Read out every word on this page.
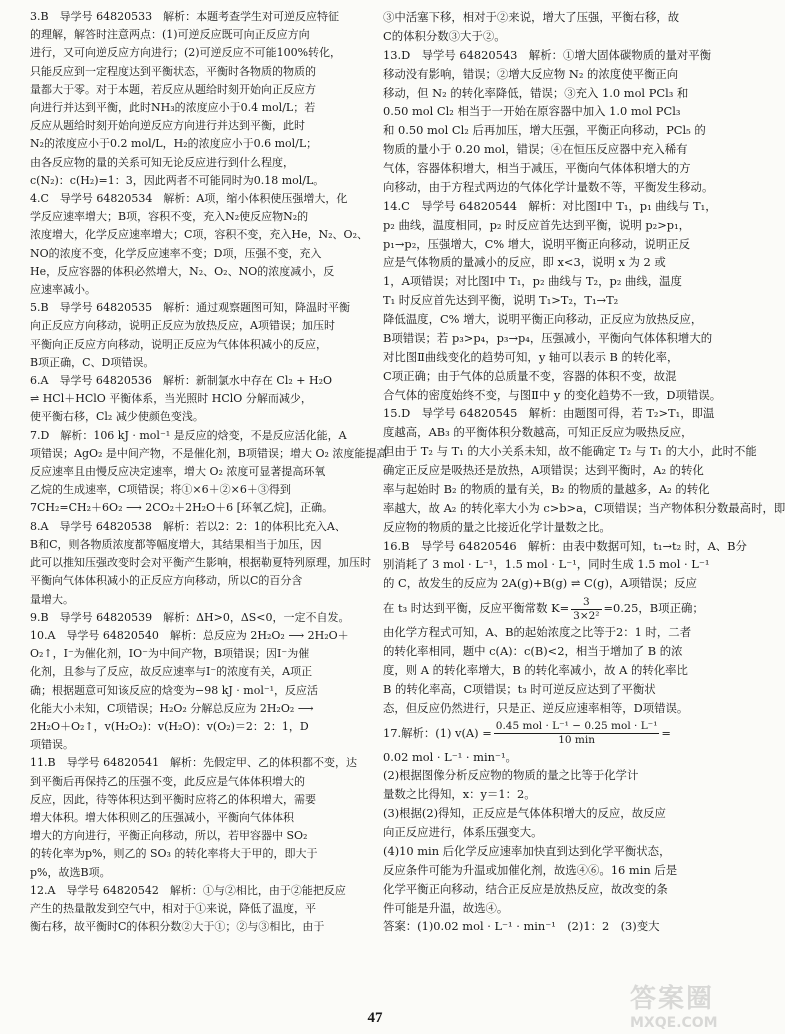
3.B　导学号 64820533　解析：本题考查学生对可逆反应特征

的理解，解答时注意两点：(1)可逆反应既可向正反应方向

进行，又可向逆反应方向进行；(2)可逆反应不可能100%转化，

只能反应到一定程度达到平衡状态，平衡时各物质的物质的

量都大于零。对于本题，若反应从题给时刻开始向正反应方

向进行并达到平衡，此时NH₃的浓度应小于0.4 mol/L；若

反应从题给时刻开始向逆反应方向进行并达到平衡，此时

N₂的浓度应小于0.2 mol/L，H₂的浓度应小于0.6 mol/L；

由各反应物的量的关系可知无论反应进行到什么程度，

c(N₂)：c(H₂)=1：3，因此两者不可能同时为0.18 mol/L。

4.C　导学号 64820534　解析：A项，缩小体积使压强增大，化

学反应速率增大；B项，容积不变，充入N₂使反应物N₂的

浓度增大，化学反应速率增大；C项，容积不变，充入He，N₂、O₂、

NO的浓度不变，化学反应速率不变；D项，压强不变，充入

He，反应容器的体积必然增大，N₂、O₂、NO的浓度减小，反

应速率减小。

5.B　导学号 64820535　解析：通过观察题图可知，降温时平衡

向正反应方向移动，说明正反应为放热反应，A项错误；加压时

平衡向正反应方向移动，说明正反应为气体体积减小的反应，

B项正确，C、D项错误。

6.A　导学号 64820536　解析：新制氯水中存在 Cl₂ + H₂O

⇌ HCl＋HClO 平衡体系，当光照时 HClO 分解而减少，

使平衡右移，Cl₂ 减少使颜色变浅。

7.D　解析：106 kJ · mol⁻¹ 是反应的焓变，不是反应活化能，A

项错误；AgO₂ 是中间产物，不是催化剂，B项错误；增大 O₂ 浓度能提高

反应速率且由慢反应决定速率，增大 O₂ 浓度可显著提高环氧

乙烷的生成速率，C项错误；将①×6＋②×6＋③得到

7CH₂=CH₂＋6O₂ ⟶ 2CO₂＋2H₂O＋6 [环氧乙烷]，正确。

8.A　导学号 64820538　解析：若以2：2：1的体积比充入A、

B和C，则各物质浓度都等幅度增大，其结果相当于加压，因

此可以推知压强改变时会对平衡产生影响，根据勒夏特列原理，加压时

平衡向气体体积减小的正反应方向移动，所以C的百分含

量增大。

9.B　导学号 64820539　解析：ΔH>0，ΔS<0，一定不自发。

10.A　导学号 64820540　解析：总反应为 2H₂O₂ ⟶ 2H₂O＋

O₂↑，I⁻为催化剂，IO⁻为中间产物，B项错误；因I⁻为催

化剂，且参与了反应，故反应速率与I⁻的浓度有关，A项正

确；根据题意可知该反应的焓变为−98 kJ · mol⁻¹，反应活

化能大小未知，C项错误；H₂O₂ 分解总反应为 2H₂O₂ ⟶

2H₂O＋O₂↑，v(H₂O₂)：v(H₂O)：v(O₂)＝2：2：1，D

项错误。

11.B　导学号 64820541　解析：先假定甲、乙的体积都不变，达

到平衡后再保持乙的压强不变，此反应是气体体积增大的

反应，因此，待等体积达到平衡时应将乙的体积增大，需要

增大体积。增大体积则乙的压强减小，平衡向气体体积

增大的方向进行，平衡正向移动，所以，若甲容器中 SO₂

的转化率为p%，则乙的 SO₃ 的转化率将大于甲的，即大于

p%，故选B项。

12.A　导学号 64820542　解析：①与②相比，由于②能把反应

产生的热量散发到空气中，相对于①来说，降低了温度，平

衡右移，故平衡时C的体积分数②大于①；②与③相比，由于

③中活塞下移，相对于②来说，增大了压强，平衡右移，故

C的体积分数③大于②。

13.D　导学号 64820543　解析：①增大固体碳物质的量对平衡

移动没有影响，错误；②增大反应物 N₂ 的浓度使平衡正向

移动，但 N₂ 的转化率降低，错误；③充入 1.0 mol PCl₃ 和

0.50 mol Cl₂ 相当于一开始在原容器中加入 1.0 mol PCl₃

和 0.50 mol Cl₂ 后再加压，增大压强，平衡正向移动，PCl₅ 的

物质的量小于 0.20 mol，错误；④在恒压反应器中充入稀有

气体，容器体积增大，相当于减压，平衡向气体体积增大的方

向移动，由于方程式两边的气体化学计量数不等，平衡发生移动。

14.C　导学号 64820544　解析：对比图Ⅰ中 T₁，p₁ 曲线与 T₁，

p₂ 曲线，温度相同，p₂ 时反应首先达到平衡，说明 p₂>p₁，

p₁→p₂，压强增大，C% 增大，说明平衡正向移动，说明正反

应是气体物质的量减小的反应，即 x<3，说明 x 为 2 或

1，A项错误；对比图Ⅰ中 T₁，p₂ 曲线与 T₂，p₂ 曲线，温度

T₁ 时反应首先达到平衡，说明 T₁>T₂，T₁→T₂

降低温度，C% 增大，说明平衡正向移动，正反应为放热反应，

B项错误；若 p₃>p₄，p₃→p₄，压强减小，平衡向气体体积增大的

对比图Ⅱ曲线变化的趋势可知，y 轴可以表示 B 的转化率，

C项正确；由于气体的总质量不变，容器的体积不变，故混

合气体的密度始终不变，与图Ⅱ中 y 的变化趋势不一致，D项错误。

15.D　导学号 64820545　解析：由题图可得，若 T₂>T₁，即温

度越高，AB₃ 的平衡体积分数越高，可知正反应为吸热反应，

但由于 T₂ 与 T₁ 的大小关系未知，故不能确定 T₂ 与 T₁ 的大小，此时不能

确定正反应是吸热还是放热，A项错误；达到平衡时，A₂ 的转化

率与起始时 B₂ 的物质的量有关，B₂ 的物质的量越多，A₂ 的转化

率越大，故 A₂ 的转化率大小为 c>b>a，C项错误；当产物体积分数最高时，即

反应物的物质的量之比接近化学计量数之比。

16.B　导学号 64820546　解析：由表中数据可知，t₁→t₂ 时，A、B分

别消耗了 3 mol · L⁻¹，1.5 mol · L⁻¹，同时生成 1.5 mol · L⁻¹

的 C，故发生的反应为 2A(g)+B(g) ⇌ C(g)，A项错误；反应

在 t₃ 时达到平衡，反应平衡常数 $K= \frac{3}{\text{3×2²}} =0.25$，B项正确；

由化学方程式可知，A、B的起始浓度之比等于2：1 时，二者

的转化率相同，题中 c(A)：c(B)<2，相当于增加了 B 的浓

度，则 A 的转化率增大，B 的转化率减小，故 A 的转化率比

B 的转化率高，C项错误；t₃ 时可逆反应达到了平衡状

态，但反应仍然进行，只是正、逆反应速率相等，D项错误。

17.解析：(1) v(A) = 0.45 mol · L⁻¹ − 0.25 mol · L⁻¹
10 min
=

0.02 mol · L⁻¹ · min⁻¹。

(2)根据图像分析反应物的物质的量之比等于化学计

量数之比得知，x：y＝1：2。

(3)根据(2)得知，正反应是气体体积增大的反应，故反应

向正反应进行，体系压强变大。

(4)10 min 后化学反应速率加快直到达到化学平衡状态，

反应条件可能为升温或加催化剂，故选④⑥。16 min 后是

化学平衡正向移动，结合正反应是放热反应，故改变的条

件可能是升温，故选④。

答案：(1)0.02 mol · L⁻¹ · min⁻¹　(2)1：2　(3)变大

47
答案圈
MXQE.COM
